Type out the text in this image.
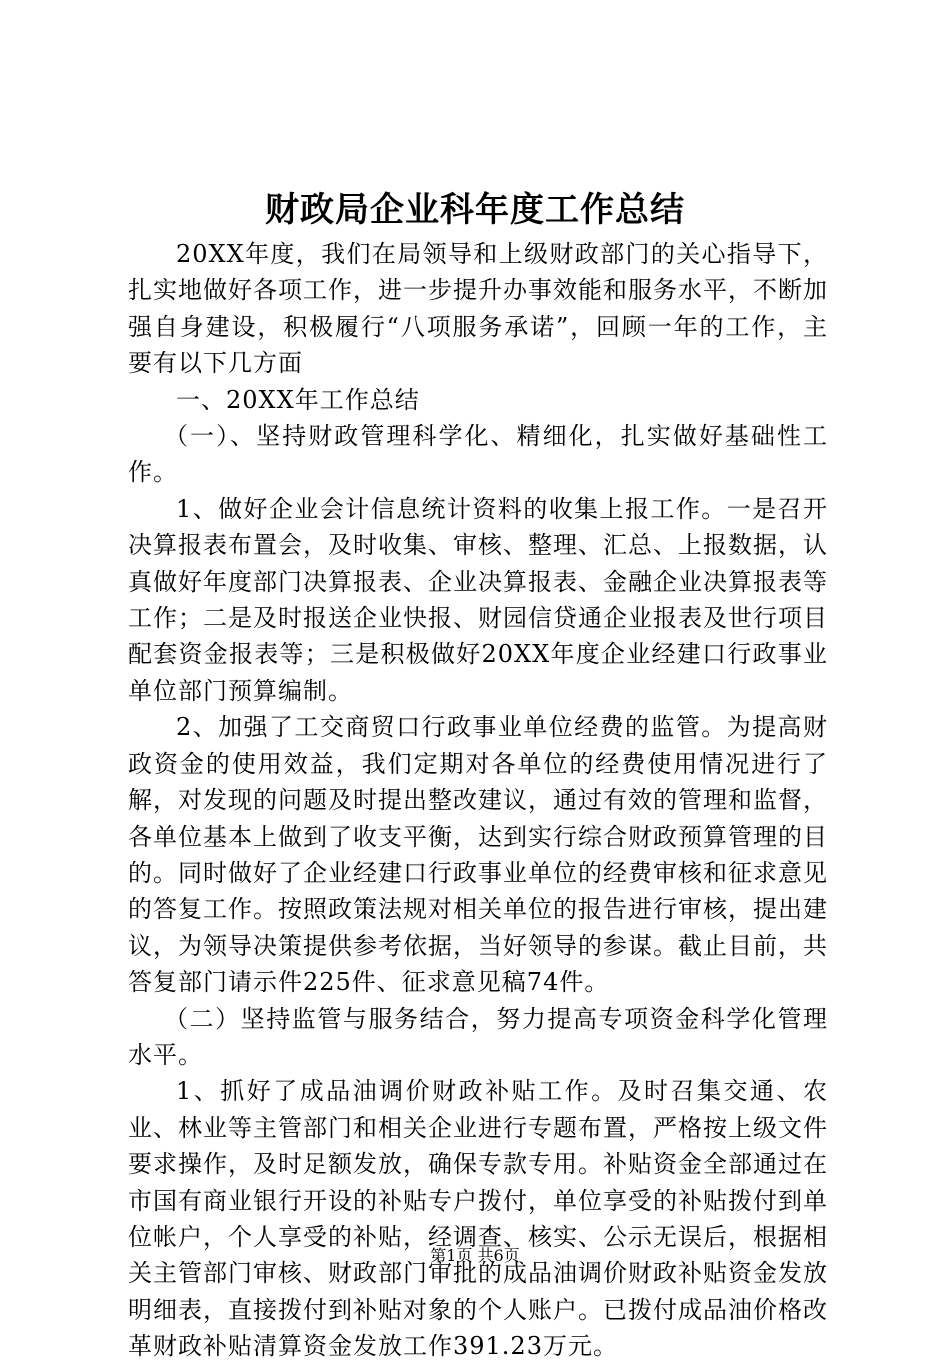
财政局企业科年度工作总结

20XX年度，我们在局领导和上级财政部门的关心指导下，扎实地做好各项工作，进一步提升办事效能和服务水平，不断加强自身建设，积极履行“八项服务承诺”，回顾一年的工作，主要有以下几方面

一、20XX年工作总结

（一）、坚持财政管理科学化、精细化，扎实做好基础性工作。

1、做好企业会计信息统计资料的收集上报工作。一是召开决算报表布置会，及时收集、审核、整理、汇总、上报数据，认真做好年度部门决算报表、企业决算报表、金融企业决算报表等工作；二是及时报送企业快报、财园信贷通企业报表及世行项目配套资金报表等；三是积极做好20XX年度企业经建口行政事业单位部门预算编制。

2、加强了工交商贸口行政事业单位经费的监管。为提高财政资金的使用效益，我们定期对各单位的经费使用情况进行了解，对发现的问题及时提出整改建议，通过有效的管理和监督，各单位基本上做到了收支平衡，达到实行综合财政预算管理的目的。同时做好了企业经建口行政事业单位的经费审核和征求意见的答复工作。按照政策法规对相关单位的报告进行审核，提出建议，为领导决策提供参考依据，当好领导的参谋。截止目前，共答复部门请示件225件、征求意见稿74件。

（二）坚持监管与服务结合，努力提高专项资金科学化管理水平。

1、抓好了成品油调价财政补贴工作。及时召集交通、农业、林业等主管部门和相关企业进行专题布置，严格按上级文件要求操作，及时足额发放，确保专款专用。补贴资金全部通过在市国有商业银行开设的补贴专户拨付，单位享受的补贴拨付到单位帐户，个人享受的补贴，经调查、核实、公示无误后，根据相关主管部门审核、财政部门审批的成品油调价财政补贴资金发放明细表，直接拨付到补贴对象的个人账户。已拨付成品油价格改革财政补贴清算资金发放工作391.23万元。

第1页 共6页
